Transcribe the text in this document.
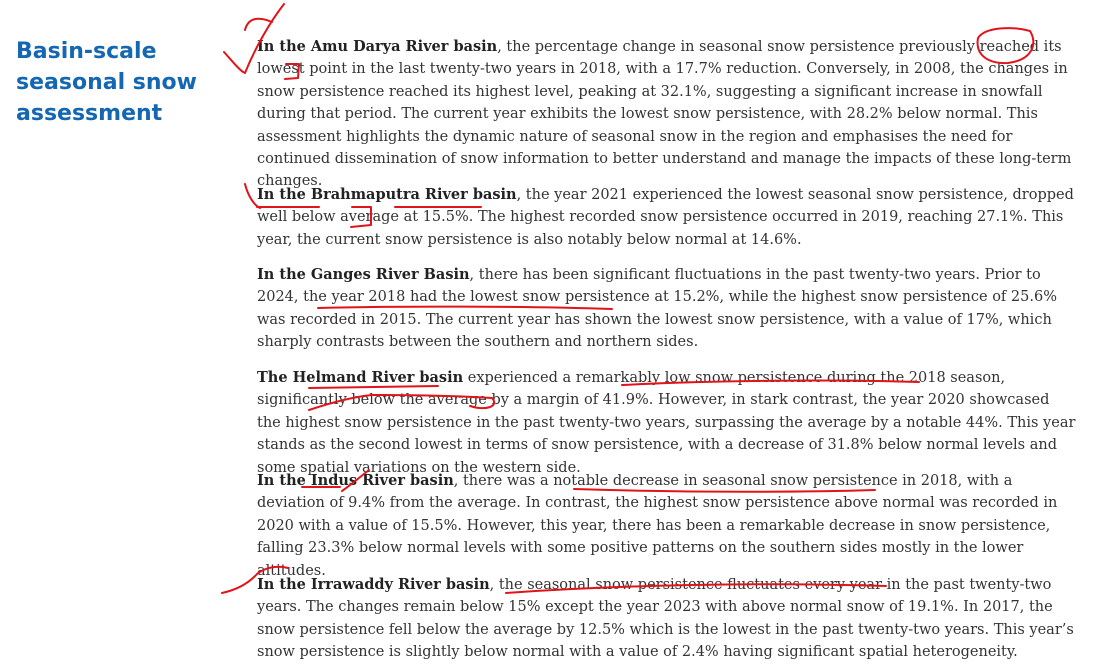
Basin-scale
seasonal snow
assessment

In the Amu Darya River basin, the percentage change in seasonal snow persistence previously reached its lowest point in the last twenty-two years in 2018, with a 17.7% reduction. Conversely, in 2008, the changes in snow persistence reached its highest level, peaking at 32.1%, suggesting a significant increase in snowfall during that period. The current year exhibits the lowest snow persistence, with 28.2% below normal. This assessment highlights the dynamic nature of seasonal snow in the region and emphasises the need for continued dissemination of snow information to better understand and manage the impacts of these long-term changes.

In the Brahmaputra River basin, the year 2021 experienced the lowest seasonal snow persistence, dropped well below average at 15.5%. The highest recorded snow persistence occurred in 2019, reaching 27.1%. This year, the current snow persistence is also notably below normal at 14.6%.

In the Ganges River Basin, there has been significant fluctuations in the past twenty-two years. Prior to 2024, the year 2018 had the lowest snow persistence at 15.2%, while the highest snow persistence of 25.6% was recorded in 2015. The current year has shown the lowest snow persistence, with a value of 17%, which sharply contrasts between the southern and northern sides.

The Helmand River basin experienced a remarkably low snow persistence during the 2018 season, significantly below the average by a margin of 41.9%. However, in stark contrast, the year 2020 showcased the highest snow persistence in the past twenty-two years, surpassing the average by a notable 44%. This year stands as the second lowest in terms of snow persistence, with a decrease of 31.8% below normal levels and some spatial variations on the western side.

In the Indus River basin, there was a notable decrease in seasonal snow persistence in 2018, with a deviation of 9.4% from the average. In contrast, the highest snow persistence above normal was recorded in 2020 with a value of 15.5%. However, this year, there has been a remarkable decrease in snow persistence, falling 23.3% below normal levels with some positive patterns on the southern sides mostly in the lower altitudes.

In the Irrawaddy River basin, the seasonal snow persistence fluctuates every year in the past twenty-two years. The changes remain below 15% except the year 2023 with above normal snow of 19.1%. In 2017, the snow persistence fell below the average by 12.5% which is the lowest in the past twenty-two years. This year’s snow persistence is slightly below normal with a value of 2.4% having significant spatial heterogeneity.
